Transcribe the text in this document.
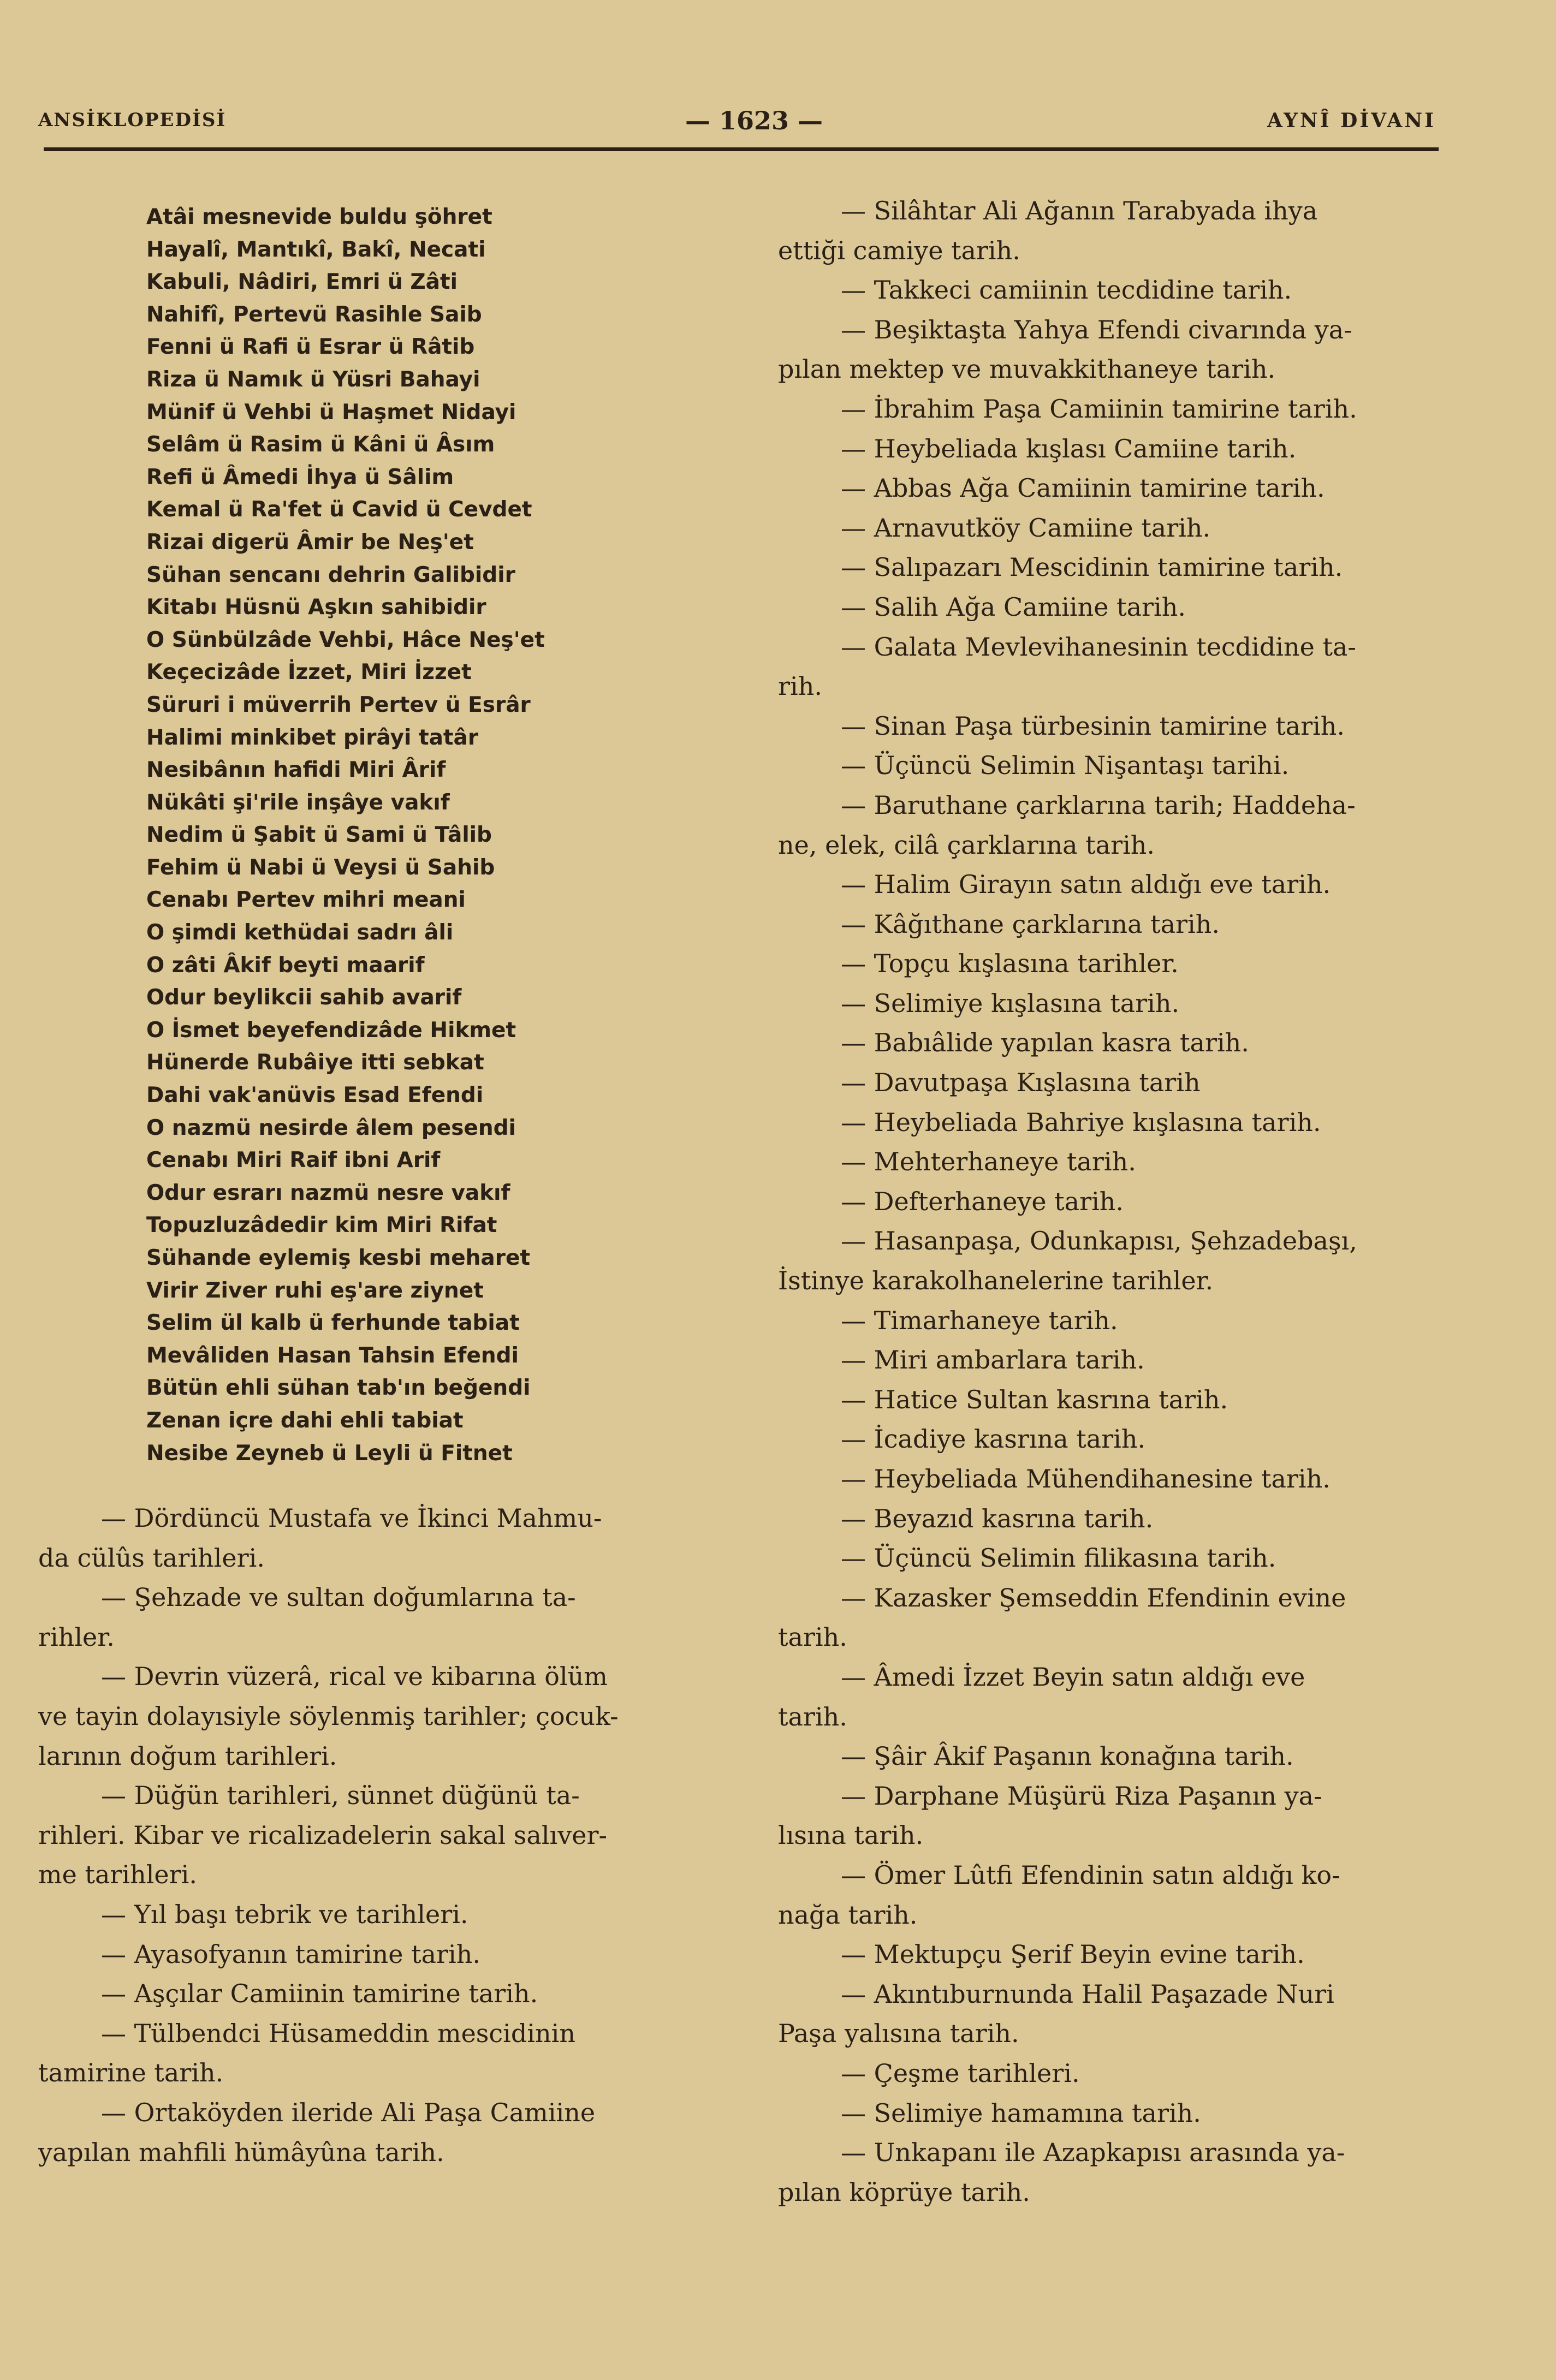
ANSİKLOPEDİSİ	— 1623 —	AYNÎ DİVANI
Atâi mesnevide buldu şöhret
Hayalî, Mantıkî, Bakî, Necati
Kabuli, Nâdiri, Emri ü Zâti
Nahifî, Pertevü Rasihle Saib
Fenni ü Rafi ü Esrar ü Râtib
Riza ü Namık ü Yüsri Bahayi
Münif ü Vehbi ü Haşmet Nidayi
Selâm ü Rasim ü Kâni ü Âsım
Refi ü Âmedi İhya ü Sâlim
Kemal ü Ra'fet ü Cavid ü Cevdet
Rizai digerü Âmir be Neş'et
Sühan sencanı dehrin Galibidir
Kitabı Hüsnü Aşkın sahibidir
O Sünbülzâde Vehbi, Hâce Neş'et
Keçecizâde İzzet, Miri İzzet
Süruri i müverrih Pertev ü Esrâr
Halimi minkibet pirâyi tatâr
Nesibânın hafidi Miri Ârif
Nükâti şi'rile inşâye vakıf
Nedim ü Şabit ü Sami ü Tâlib
Fehim ü Nabi ü Veysi ü Sahib
Cenabı Pertev mihri meani
O şimdi kethüdai sadrı âli
O zâti Âkif beyti maarif
Odur beylikcii sahib avarif
O İsmet beyefendizâde Hikmet
Hünerde Rubâiye itti sebkat
Dahi vak'anüvis Esad Efendi
O nazmü nesirde âlem pesendi
Cenabı Miri Raif ibni Arif
Odur esrarı nazmü nesre vakıf
Topuzluzâdedir kim Miri Rifat
Sühande eylemiş kesbi meharet
Virir Ziver ruhi eş'are ziynet
Selim ül kalb ü ferhunde tabiat
Mevâliden Hasan Tahsin Efendi
Bütün ehli sühan tab'ın beğendi
Zenan içre dahi ehli tabiat
Nesibe Zeyneb ü Leyli ü Fitnet
— Dördüncü Mustafa ve İkinci Mahmu-
da cülûs tarihleri.
— Şehzade ve sultan doğumlarına ta-
rihler.
— Devrin vüzerâ, rical ve kibarına ölüm
ve tayin dolayısiyle söylenmiş tarihler; çocuk-
larının doğum tarihleri.
— Düğün tarihleri, sünnet düğünü ta-
rihleri. Kibar ve ricalizadelerin sakal salıver-
me tarihleri.
— Yıl başı tebrik ve tarihleri.
— Ayasofyanın tamirine tarih.
— Aşçılar Camiinin tamirine tarih.
— Tülbendci Hüsameddin mescidinin
tamirine tarih.
— Ortaköyden ileride Ali Paşa Camiine
yapılan mahfili hümâyûna tarih.
— Silâhtar Ali Ağanın Tarabyada ihya
ettiği camiye tarih.
— Takkeci camiinin tecdidine tarih.
— Beşiktaşta Yahya Efendi civarında ya-
pılan mektep ve muvakkithaneye tarih.
— İbrahim Paşa Camiinin tamirine tarih.
— Heybeliada kışlası Camiine tarih.
— Abbas Ağa Camiinin tamirine tarih.
— Arnavutköy Camiine tarih.
— Salıpazarı Mescidinin tamirine tarih.
— Salih Ağa Camiine tarih.
— Galata Mevlevihanesinin tecdidine ta-
rih.
— Sinan Paşa türbesinin tamirine tarih.
— Üçüncü Selimin Nişantaşı tarihi.
— Baruthane çarklarına tarih; Haddeha-
ne, elek, cilâ çarklarına tarih.
— Halim Girayın satın aldığı eve tarih.
— Kâğıthane çarklarına tarih.
— Topçu kışlasına tarihler.
— Selimiye kışlasına tarih.
— Babıâlide yapılan kasra tarih.
— Davutpaşa Kışlasına tarih
— Heybeliada Bahriye kışlasına tarih.
— Mehterhaneye tarih.
— Defterhaneye tarih.
— Hasanpaşa, Odunkapısı, Şehzadebaşı,
İstinye karakolhanelerine tarihler.
— Timarhaneye tarih.
— Miri ambarlara tarih.
— Hatice Sultan kasrına tarih.
— İcadiye kasrına tarih.
— Heybeliada Mühendihanesine tarih.
— Beyazıd kasrına tarih.
— Üçüncü Selimin filikasına tarih.
— Kazasker Şemseddin Efendinin evine
tarih.
— Âmedi İzzet Beyin satın aldığı eve
tarih.
— Şâir Âkif Paşanın konağına tarih.
— Darphane Müşürü Riza Paşanın ya-
lısına tarih.
— Ömer Lûtfi Efendinin satın aldığı ko-
nağa tarih.
— Mektupçu Şerif Beyin evine tarih.
— Akıntıburnunda Halil Paşazade Nuri
Paşa yalısına tarih.
— Çeşme tarihleri.
— Selimiye hamamına tarih.
— Unkapanı ile Azapkapısı arasında ya-
pılan köprüye tarih.
